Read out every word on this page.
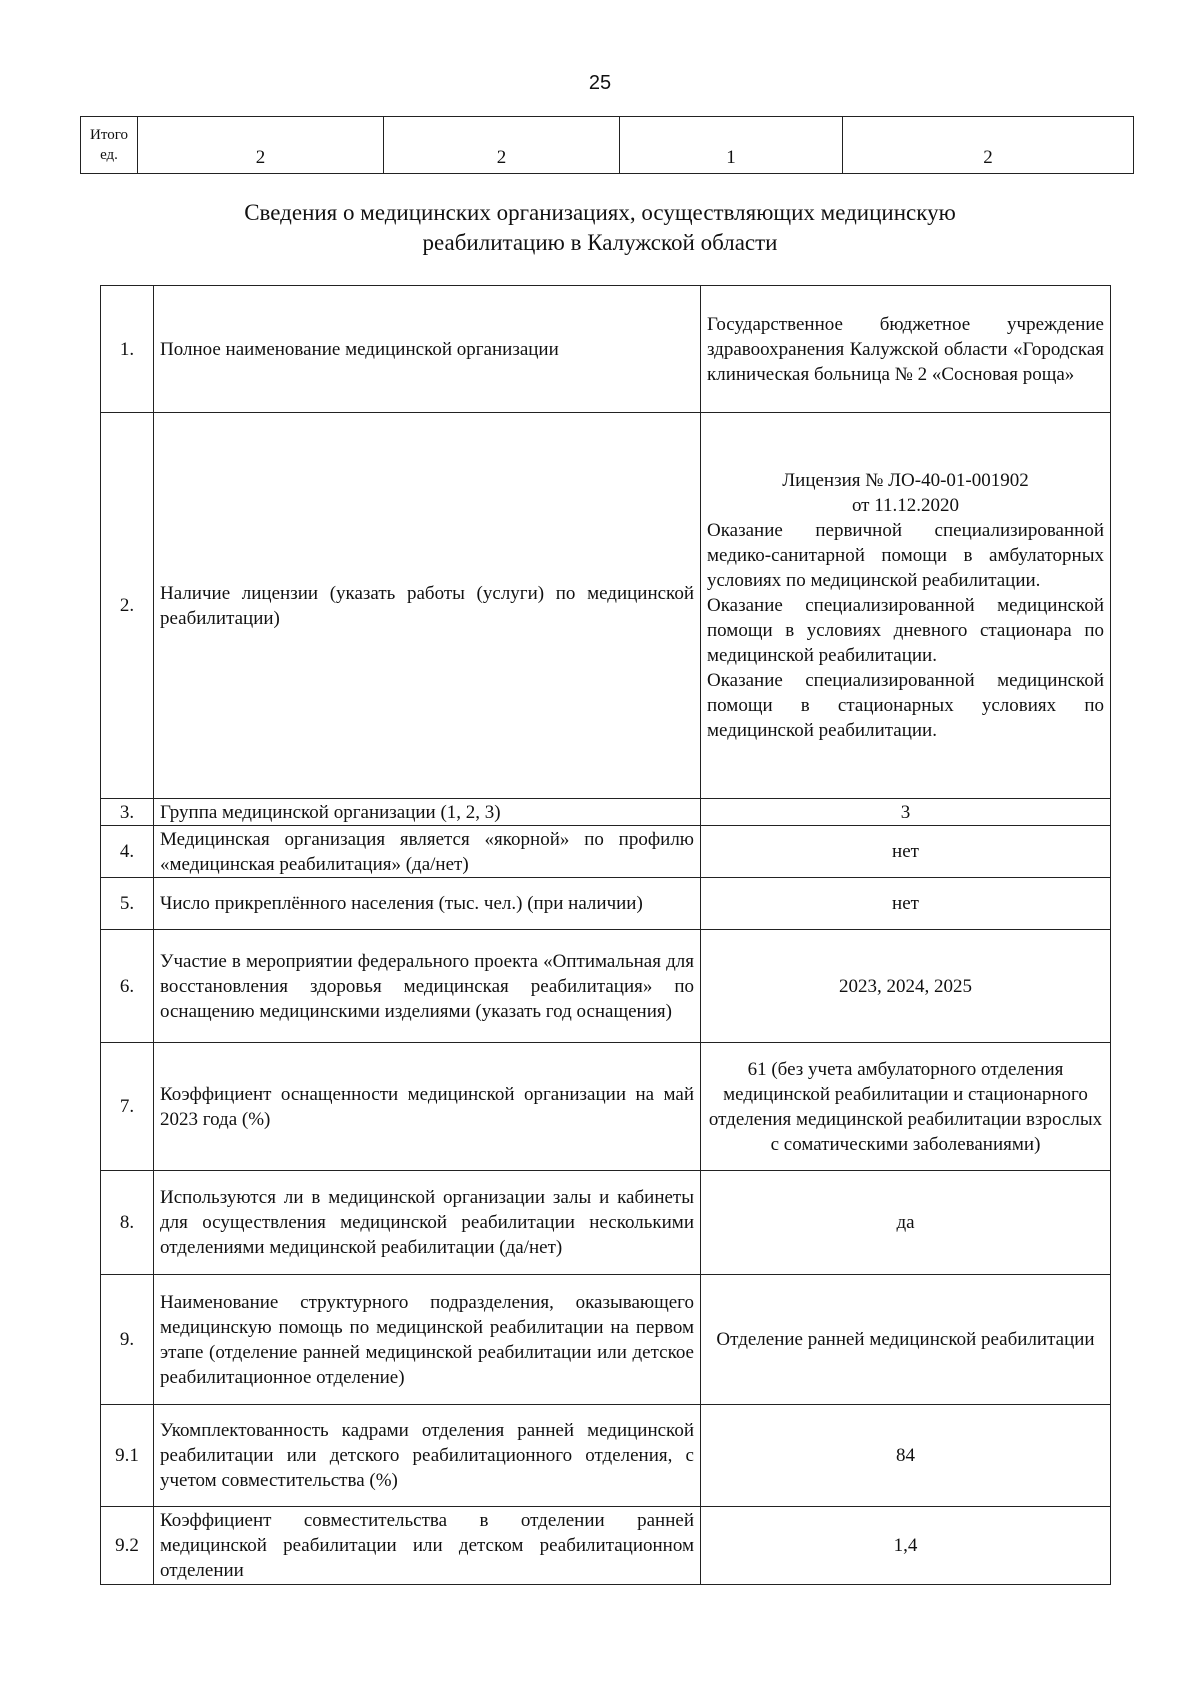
25
Итого
ед.	2	2	1	2
Сведения о медицинских организациях, осуществляющих медицинскую
реабилитацию в Калужской области
1.	Полное наименование медицинской организации	Государственное бюджетное учреждение здравоохранения Калужской области «Городская клиническая больница № 2 «Сосновая роща»
2.	Наличие лицензии (указать работы (услуги) по медицинской реабилитации)	Лицензия № ЛО-40-01-001902
от 11.12.2020
Оказание первичной специализированной медико-санитарной помощи в амбулаторных условиях по медицинской реабилитации.
Оказание специализированной медицинской помощи в условиях дневного стационара по медицинской реабилитации.
Оказание специализированной медицинской помощи в стационарных условиях по медицинской реабилитации.

3.	Группа медицинской организации (1, 2, 3)	3
4.	Медицинская организация является «якорной» по профилю «медицинская реабилитация» (да/нет)	нет
5.	Число прикреплённого населения (тыс. чел.) (при наличии)	нет
6.	Участие в мероприятии федерального проекта «Оптимальная для восстановления здоровья медицинская реабилитация» по оснащению медицинскими изделиями (указать год оснащения)	2023, 2024, 2025
7.	Коэффициент оснащенности медицинской организации на май 2023 года (%)	61 (без учета амбулаторного отделения медицинской реабилитации и стационарного отделения медицинской реабилитации взрослых с соматическими заболеваниями)
8.	Используются ли в медицинской организации залы и кабинеты для осуществления медицинской реабилитации несколькими отделениями медицинской реабилитации (да/нет)	да
9.	Наименование структурного подразделения, оказывающего медицинскую помощь по медицинской реабилитации на первом этапе (отделение ранней медицинской реабилитации или детское реабилитационное отделение)	Отделение ранней медицинской реабилитации
9.1	Укомплектованность кадрами отделения ранней медицинской реабилитации или детского реабилитационного отделения, с учетом совместительства (%)	84
9.2	Коэффициент совместительства в отделении ранней медицинской реабилитации или детском реабилитационном отделении	1,4
